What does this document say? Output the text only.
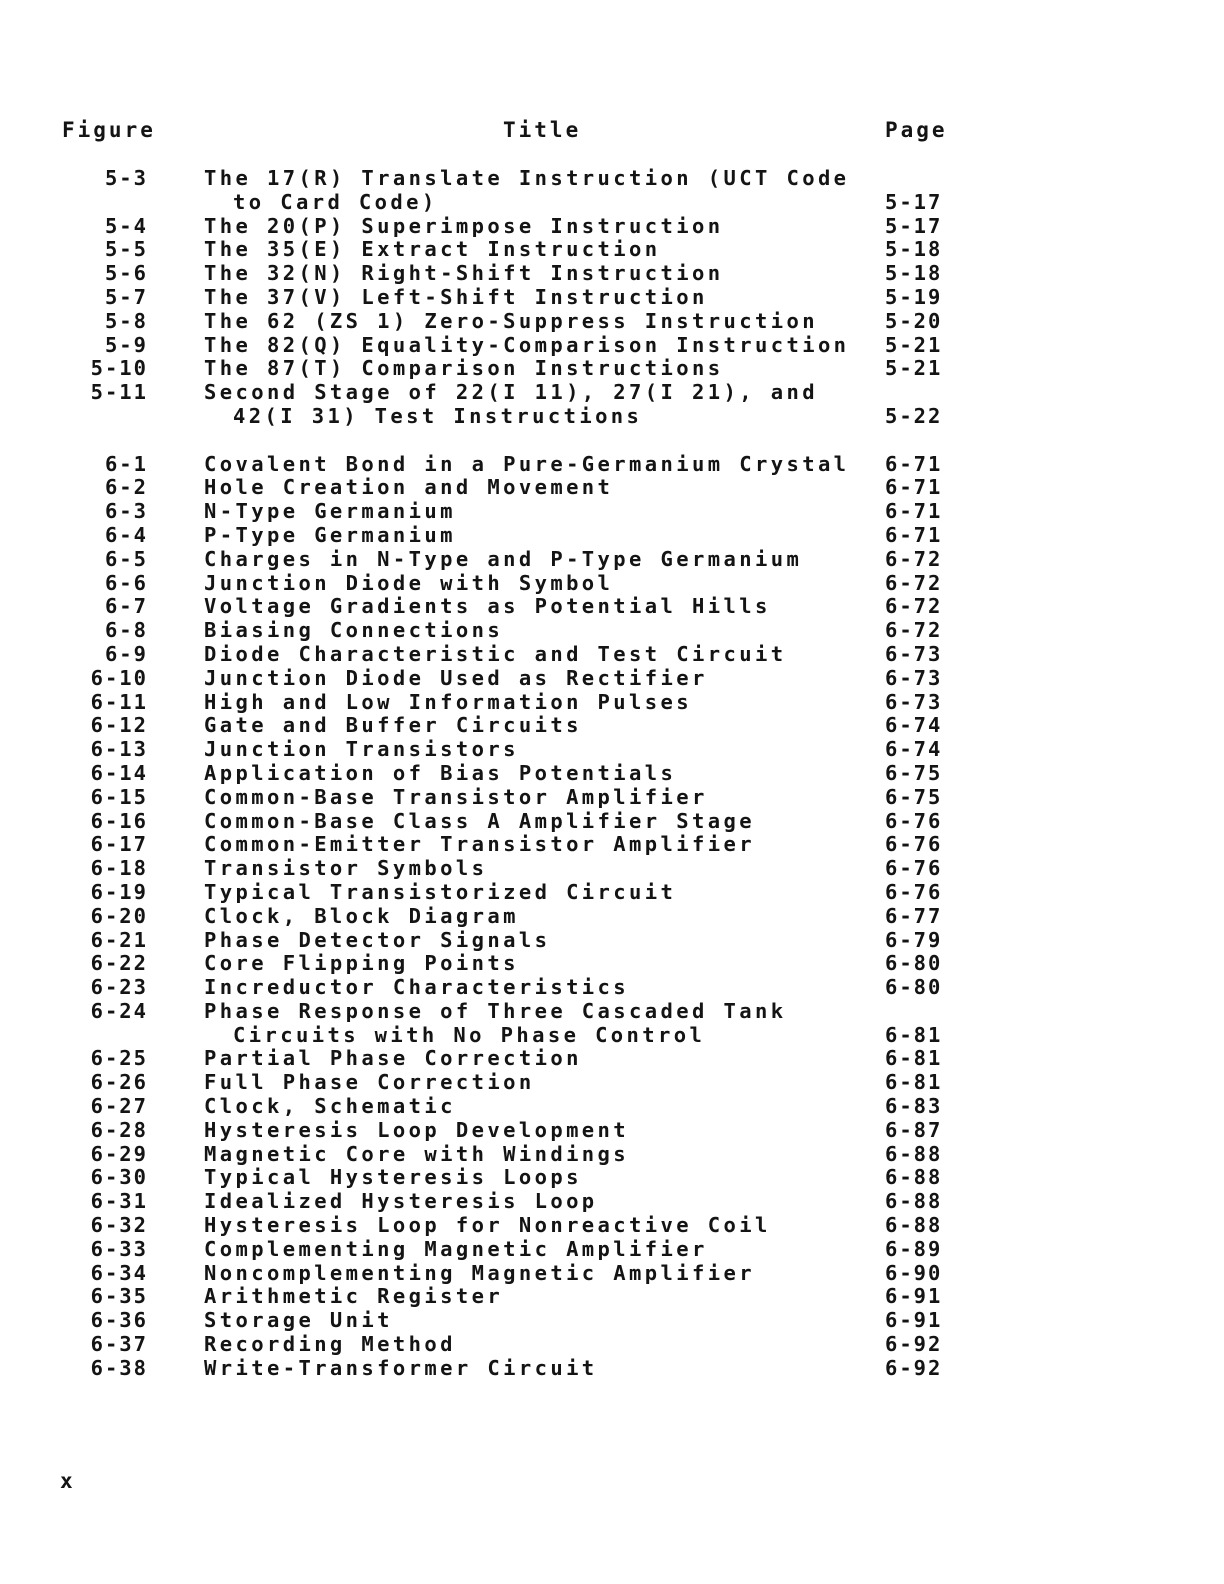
Figure	Title	Page
5-3	The 17(R) Translate Instruction (UCT Code
to Card Code)	5-17
5-4	The 20(P) Superimpose Instruction	5-17
5-5	The 35(E) Extract Instruction	5-18
5-6	The 32(N) Right-Shift Instruction	5-18
5-7	The 37(V) Left-Shift Instruction	5-19
5-8	The 62 (ZS 1) Zero-Suppress Instruction	5-20
5-9	The 82(Q) Equality-Comparison Instruction 5-21
5-10	The 87(T) Comparison Instructions	5-21
5-11	Second Stage of 22(I 11), 27(I 21), and
42(I 31) Test Instructions	5-22
6-1	Covalent Bond in a Pure-Germanium Crystal 6-71
6-2	Hole Creation and Movement	6-71
6-3	N-Type Germanium	6-71
6-4	P-Type Germanium	6-71
6-5	Charges in N-Type and P-Type Germanium	6-72
6-6	Junction Diode with Symbol	6-72
6-7	Voltage Gradients as Potential Hills	6-72
6-8	Biasing Connections	6-72
6-9	Diode Characteristic and Test Circuit	6-73
6-10	Junction Diode Used as Rectifier	6-73
6-11	High and Low Information Pulses	6-73
6-12	Gate and Buffer Circuits	6-74
6-13	Junction Transistors	6-74
6-14	Application of Bias Potentials	6-75
6-15	Common-Base Transistor Amplifier	6-75
6-16	Common-Base Class A Amplifier Stage	6-76
6-17	Common-Emitter Transistor Amplifier	6-76
6-18	Transistor Symbols	6-76
6-19	Typical Transistorized Circuit	6-76
6-20	Clock, Block Diagram	6-77
6-21	Phase Detector Signals	6-79
6-22	Core Flipping Points	6-80
6-23	Increductor Characteristics	6-80
6-24	Phase Response of Three Cascaded Tank
Circuits with No Phase Control	6-81
6-25	Partial Phase Correction	6-81
6-26	Full Phase Correction	6-81
6-27	Clock, Schematic	6-83
6-28	Hysteresis Loop Development	6-87
6-29	Magnetic Core with Windings	6-88
6-30	Typical Hysteresis Loops	6-88
6-31	Idealized Hysteresis Loop	6-88
6-32	Hysteresis Loop for Nonreactive Coil	6-88
6-33	Complementing Magnetic Amplifier	6-89
6-34	Noncomplementing Magnetic Amplifier	6-90
6-35	Arithmetic Register	6-91
6-36	Storage Unit	6-91
6-37	Recording Method	6-92
6-38	Write-Transformer Circuit	6-92
x
